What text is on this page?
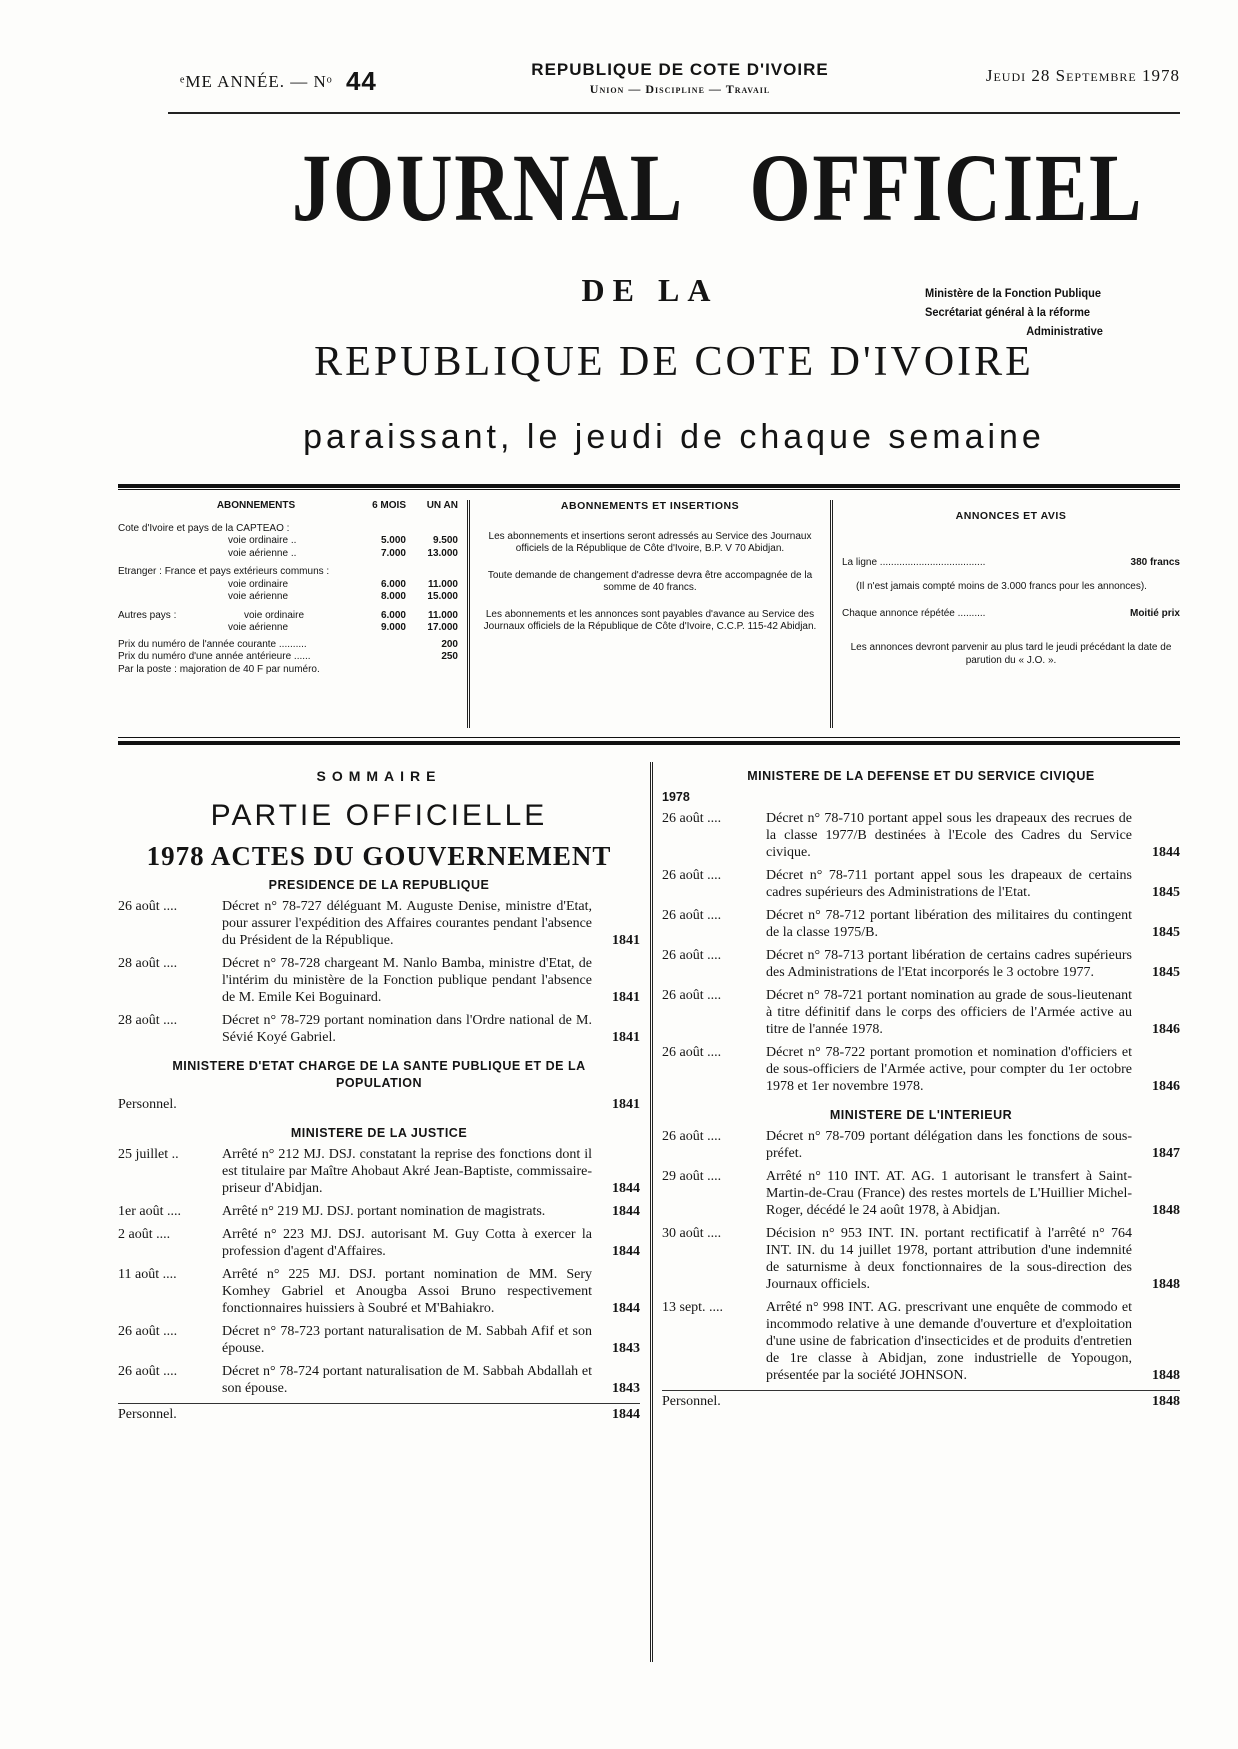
ᵉME ANNÉE. — Nᵒ 44	REPUBLIQUE DE COTE D'IVOIRE
Union — Discipline — Travail
Jeudi 28 Septembre 1978
JOURNAL OFFICIEL
DE LA	Ministère de la Fonction Publique
Secrétariat général à la réforme
Administrative
REPUBLIQUE DE COTE D'IVOIRE
paraissant, le jeudi de chaque semaine
ABONNEMENTS	6 MOIS	UN AN
Cote d'Ivoire et pays de la CAPTEAO :
voie ordinaire ..	5.000	9.500
voie aérienne ..	7.000	13.000
Etranger : France et pays extérieurs communs :
voie ordinaire	6.000	11.000
voie aérienne	8.000	15.000
Autres pays :	voie ordinaire	6.000	11.000
voie aérienne	9.000	17.000
Prix du numéro de l'année courante ..........	200
Prix du numéro d'une année antérieure ......	250
Par la poste : majoration de 40 F par numéro.
ABONNEMENTS ET INSERTIONS
Les abonnements et insertions seront adressés au Service des Journaux officiels de la République de Côte d'Ivoire, B.P. V 70 Abidjan.
Toute demande de changement d'adresse devra être accompagnée de la somme de 40 francs.
Les abonnements et les annonces sont payables d'avance au Service des Journaux officiels de la République de Côte d'Ivoire, C.C.P. 115-42 Abidjan.
ANNONCES ET AVIS
La ligne ......................................	380 francs
(Il n'est jamais compté moins de 3.000 francs pour les annonces).
Chaque annonce répétée ..........	Moitié prix
Les annonces devront parvenir au plus tard le jeudi précédant la date de parution du « J.O. ».
SOMMAIRE
PARTIE OFFICIELLE
1978 ACTES DU GOUVERNEMENT
PRESIDENCE DE LA REPUBLIQUE
26 août ....	Décret n° 78-727 déléguant M. Auguste Denise, ministre d'Etat, pour assurer l'expédition des Affaires courantes pendant l'absence du Président de la République.	1841
28 août ....	Décret n° 78-728 chargeant M. Nanlo Bamba, ministre d'Etat, de l'intérim du ministère de la Fonction publique pendant l'absence de M. Emile Kei Boguinard.	1841
28 août ....	Décret n° 78-729 portant nomination dans l'Ordre national de M. Sévié Koyé Gabriel.	1841
MINISTERE D'ETAT CHARGE DE LA SANTE PUBLIQUE ET DE LA POPULATION
Personnel.	1841
MINISTERE DE LA JUSTICE
25 juillet ..	Arrêté n° 212 MJ. DSJ. constatant la reprise des fonctions dont il est titulaire par Maître Ahobaut Akré Jean-Baptiste, commissaire-priseur d'Abidjan.	1844
1er août ....	Arrêté n° 219 MJ. DSJ. portant nomination de magistrats.	1844
2 août ....	Arrêté n° 223 MJ. DSJ. autorisant M. Guy Cotta à exercer la profession d'agent d'Affaires.	1844
11 août ....	Arrêté n° 225 MJ. DSJ. portant nomination de MM. Sery Komhey Gabriel et Anougba Assoi Bruno respectivement fonctionnaires huissiers à Soubré et M'Bahiakro.	1844
26 août ....	Décret n° 78-723 portant naturalisation de M. Sabbah Afif et son épouse.	1843
26 août ....	Décret n° 78-724 portant naturalisation de M. Sabbah Abdallah et son épouse.	1843
Personnel.	1844
MINISTERE DE LA DEFENSE ET DU SERVICE CIVIQUE
1978
26 août ....	Décret n° 78-710 portant appel sous les drapeaux des recrues de la classe 1977/B destinées à l'Ecole des Cadres du Service civique.	1844
26 août ....	Décret n° 78-711 portant appel sous les drapeaux de certains cadres supérieurs des Administrations de l'Etat.	1845
26 août ....	Décret n° 78-712 portant libération des militaires du contingent de la classe 1975/B.	1845
26 août ....	Décret n° 78-713 portant libération de certains cadres supérieurs des Administrations de l'Etat incorporés le 3 octobre 1977.	1845
26 août ....	Décret n° 78-721 portant nomination au grade de sous-lieutenant à titre définitif dans le corps des officiers de l'Armée active au titre de l'année 1978.	1846
26 août ....	Décret n° 78-722 portant promotion et nomination d'officiers et de sous-officiers de l'Armée active, pour compter du 1er octobre 1978 et 1er novembre 1978.	1846
MINISTERE DE L'INTERIEUR
26 août ....	Décret n° 78-709 portant délégation dans les fonctions de sous-préfet.	1847
29 août ....	Arrêté n° 110 INT. AT. AG. 1 autorisant le transfert à Saint-Martin-de-Crau (France) des restes mortels de L'Huillier Michel-Roger, décédé le 24 août 1978, à Abidjan.	1848
30 août ....	Décision n° 953 INT. IN. portant rectificatif à l'arrêté n° 764 INT. IN. du 14 juillet 1978, portant attribution d'une indemnité de saturnisme à deux fonctionnaires de la sous-direction des Journaux officiels.	1848
13 sept. ....	Arrêté n° 998 INT. AG. prescrivant une enquête de commodo et incommodo relative à une demande d'ouverture et d'exploitation d'une usine de fabrication d'insecticides et de produits d'entretien de 1re classe à Abidjan, zone industrielle de Yopougon, présentée par la société JOHNSON.	1848
Personnel.	1848
